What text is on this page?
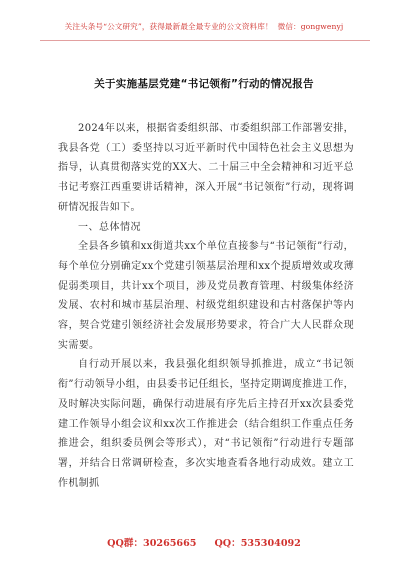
关注头条号“公文研究”，获得最新最全最专业的公文资料库！ 微信：gongwenyj
关于实施基层党建“书记领衔”行动的情况报告

2024年以来，根据省委组织部、市委组织部工作部署安排，我县各党（工）委坚持以习近平新时代中国特色社会主义思想为指导，认真贯彻落实党的XX大、二十届三中全会精神和习近平总书记考察江西重要讲话精神，深入开展“书记领衔”行动，现将调研情况报告如下。

一、总体情况

全县各乡镇和xx街道共xx个单位直接参与“书记领衔”行动，每个单位分别确定xx个党建引领基层治理和xx个提质增效或攻薄促弱类项目，共计xx个项目，涉及党员教育管理、村级集体经济发展、农村和城市基层治理、村级党组织建设和古村落保护等内容，契合党建引领经济社会发展形势要求，符合广大人民群众现实需要。

自行动开展以来，我县强化组织领导抓推进，成立“书记领衔”行动领导小组，由县委书记任组长，坚持定期调度推进工作，及时解决实际问题，确保行动进展有序先后主持召开xx次县委党建工作领导小组会议和xx次工作推进会（结合组织工作重点任务推进会，组织委员例会等形式），对“书记领衔”行动进行专题部署，并结合日常调研检查，多次实地查看各地行动成效。建立工作机制抓

QQ群：30265665 QQ：535304092
